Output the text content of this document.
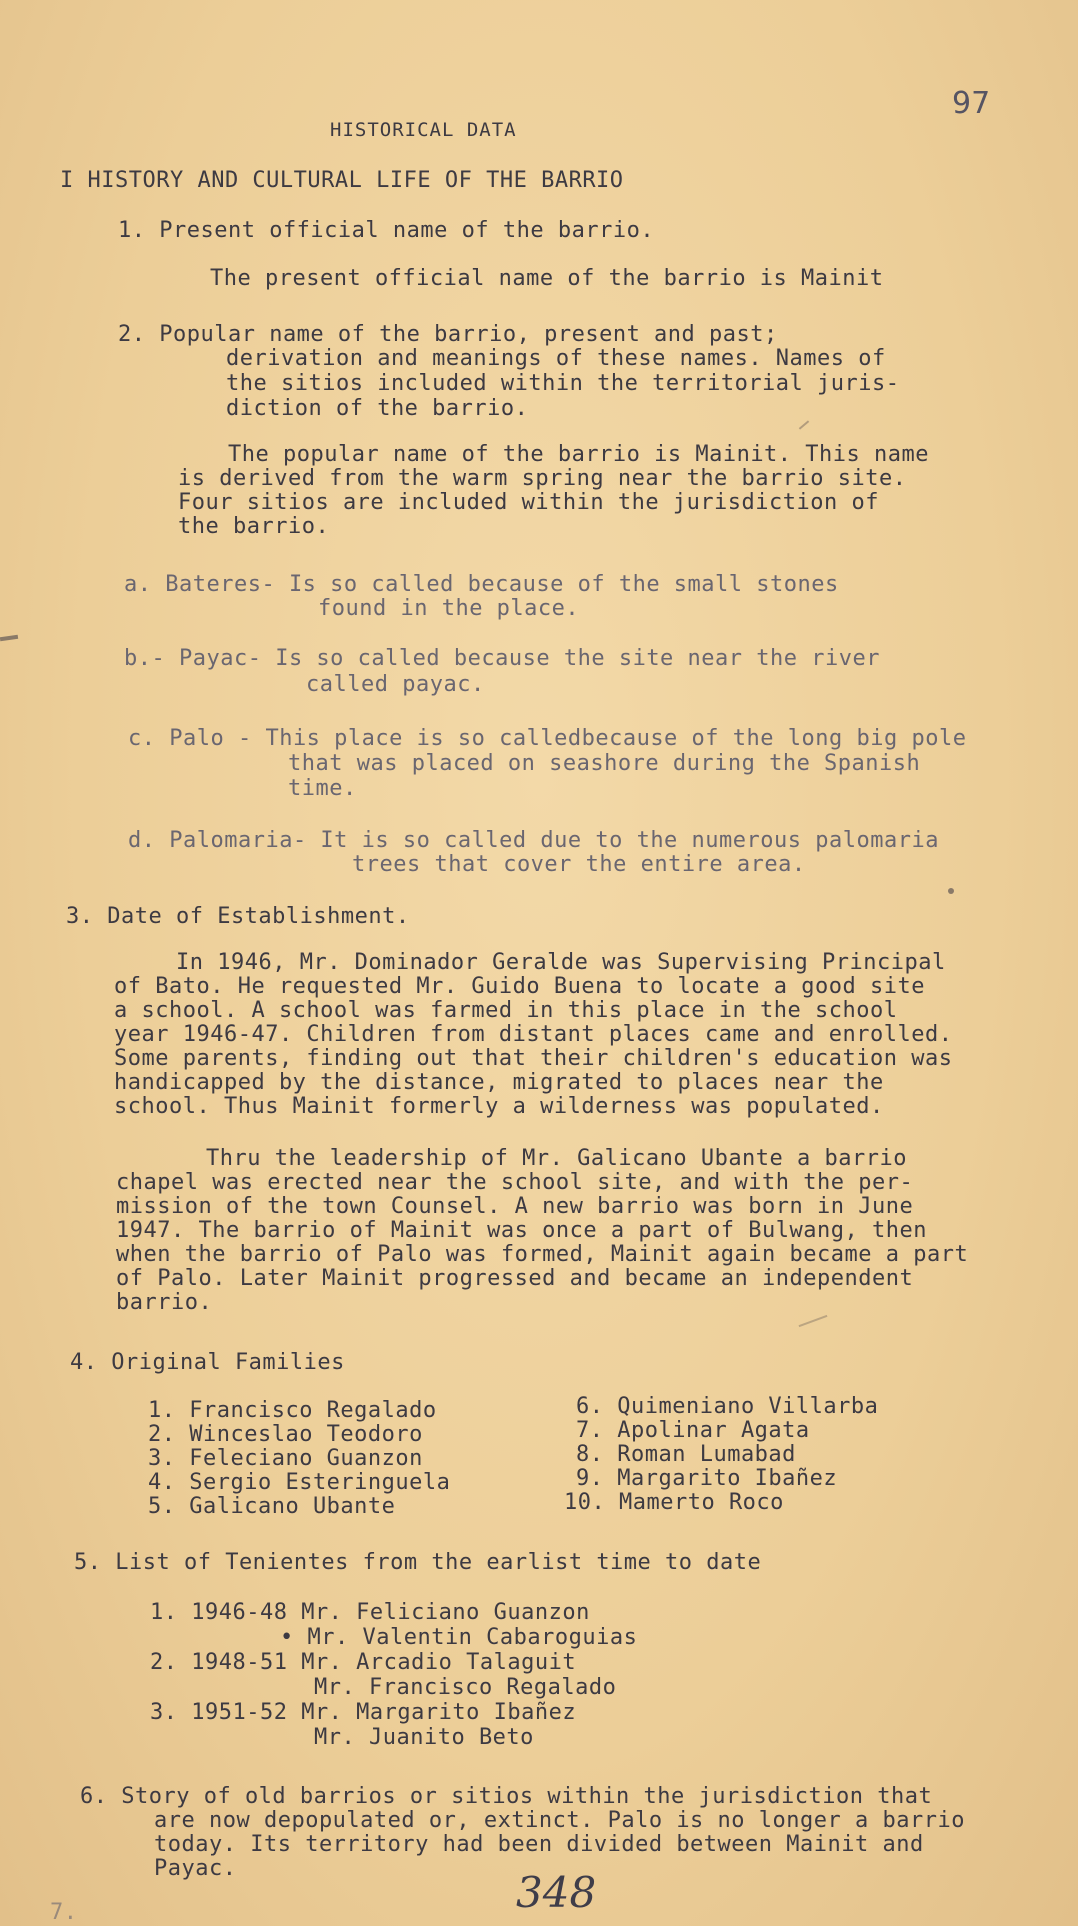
97
HISTORICAL DATA
I HISTORY AND CULTURAL LIFE OF THE BARRIO
1. Present official name of the barrio.
The present official name of the barrio is Mainit
2. Popular name of the barrio, present and past;
derivation and meanings of these names. Names of
the sitios included within the territorial juris-
diction of the barrio.
The popular name of the barrio is Mainit. This name
is derived from the warm spring near the barrio site.
Four sitios are included within the jurisdiction of
the barrio.
a. Bateres- Is so called because of the small stones
found in the place.
b.- Payac- Is so called because the site near the river
called payac.
c. Palo - This place is so calledbecause of the long big pole
that was placed on seashore during the Spanish
time.
d. Palomaria- It is so called due to the numerous palomaria
trees that cover the entire area.
3. Date of Establishment.
In 1946, Mr. Dominador Geralde was Supervising Principal
of Bato. He requested Mr. Guido Buena to locate a good site
a school. A school was farmed in this place in the school
year 1946-47. Children from distant places came and enrolled.
Some parents, finding out that their children's education was
handicapped by the distance, migrated to places near the
school. Thus Mainit formerly a wilderness was populated.
Thru the leadership of Mr. Galicano Ubante a barrio
chapel was erected near the school site, and with the per-
mission of the town Counsel. A new barrio was born in June
1947. The barrio of Mainit was once a part of Bulwang, then
when the barrio of Palo was formed, Mainit again became a part
of Palo. Later Mainit progressed and became an independent
barrio.
4. Original Families
1. Francisco Regalado
2. Winceslao Teodoro
3. Feleciano Guanzon
4. Sergio Esteringuela
5. Galicano Ubante
6. Quimeniano Villarba
7. Apolinar Agata
8. Roman Lumabad
9. Margarito Ibañez
10. Mamerto Roco
5. List of Tenientes from the earlist time to date
1. 1946-48 Mr. Feliciano Guanzon
• Mr. Valentin Cabaroguias
2. 1948-51 Mr. Arcadio Talaguit
Mr. Francisco Regalado
3. 1951-52 Mr. Margarito Ibañez
Mr. Juanito Beto
6. Story of old barrios or sitios within the jurisdiction that
are now depopulated or, extinct. Palo is no longer a barrio
today. Its territory had been divided between Mainit and
Payac.	348
7.
